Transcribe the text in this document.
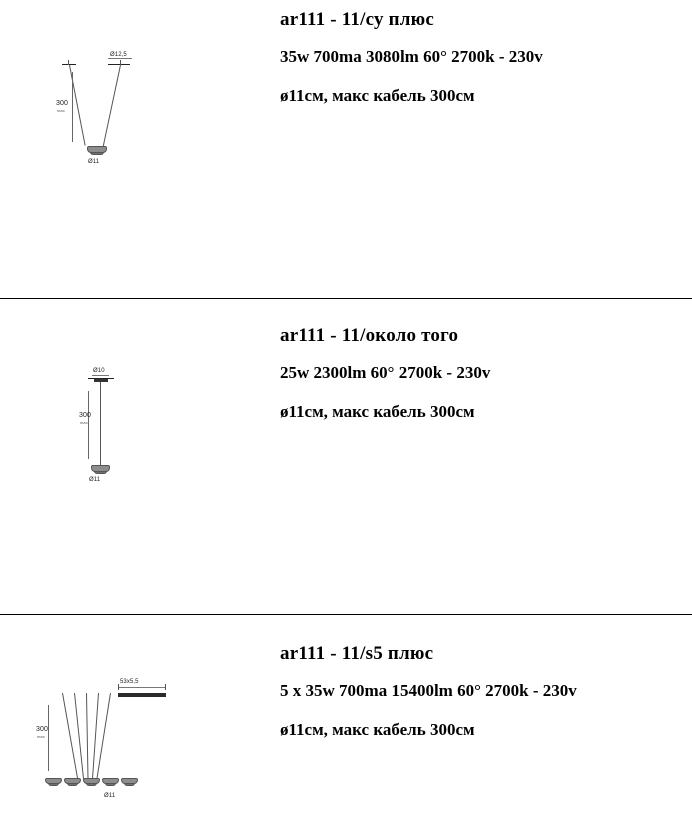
Ø12,5
300
max
Ø11

ar111 - 11/су плюс

35w 700ma 3080lm 60° 2700k - 230v

ø11см, макс кабель 300см

Ø10
300
max
Ø11

ar111 - 11/около того

25w 2300lm 60° 2700k - 230v

ø11см, макс кабель 300см

53x5,5
300
max
Ø11

ar111 - 11/s5 плюс

5 x 35w 700ma 15400lm 60° 2700k - 230v

ø11см, макс кабель 300см
